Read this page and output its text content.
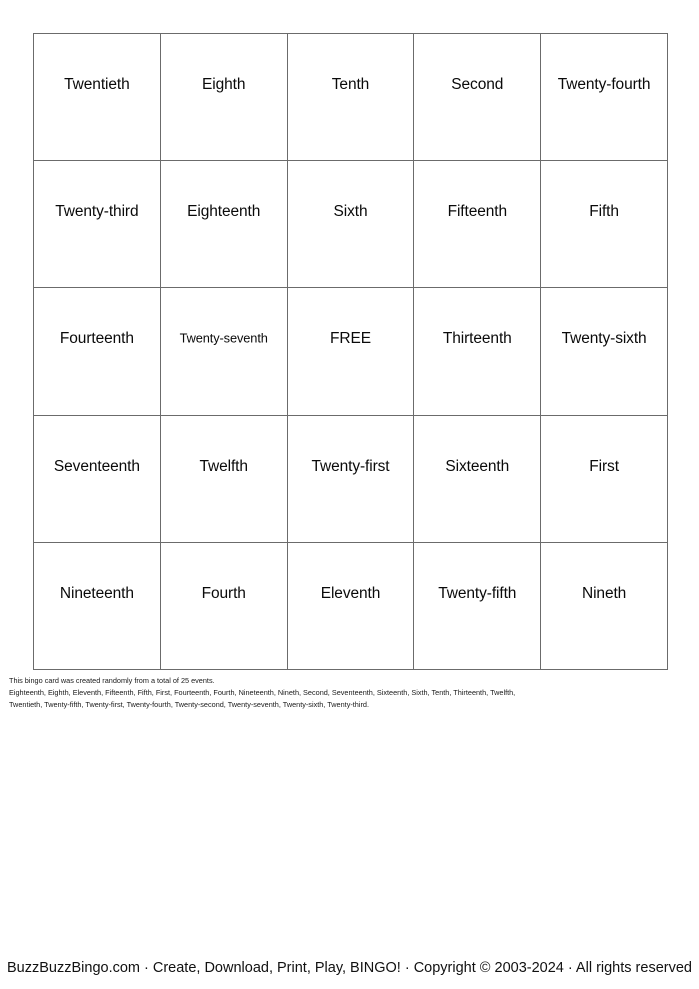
Twentieth	Eighth	Tenth	Second	Twenty-fourth
Twenty-third	Eighteenth	Sixth	Fifteenth	Fifth
Fourteenth	Twenty-seventh	FREE	Thirteenth	Twenty-sixth
Seventeenth	Twelfth	Twenty-first	Sixteenth	First
Nineteenth	Fourth	Eleventh	Twenty-fifth	Nineth
This bingo card was created randomly from a total of 25 events.
Eighteenth, Eighth, Eleventh, Fifteenth, Fifth, First, Fourteenth, Fourth, Nineteenth, Nineth, Second, Seventeenth, Sixteenth, Sixth, Tenth, Thirteenth, Twelfth,
Twentieth, Twenty-fifth, Twenty-first, Twenty-fourth, Twenty-second, Twenty-seventh, Twenty-sixth, Twenty-third.
BuzzBuzzBingo.com · Create, Download, Print, Play, BINGO! · Copyright © 2003-2024 · All rights reserved
